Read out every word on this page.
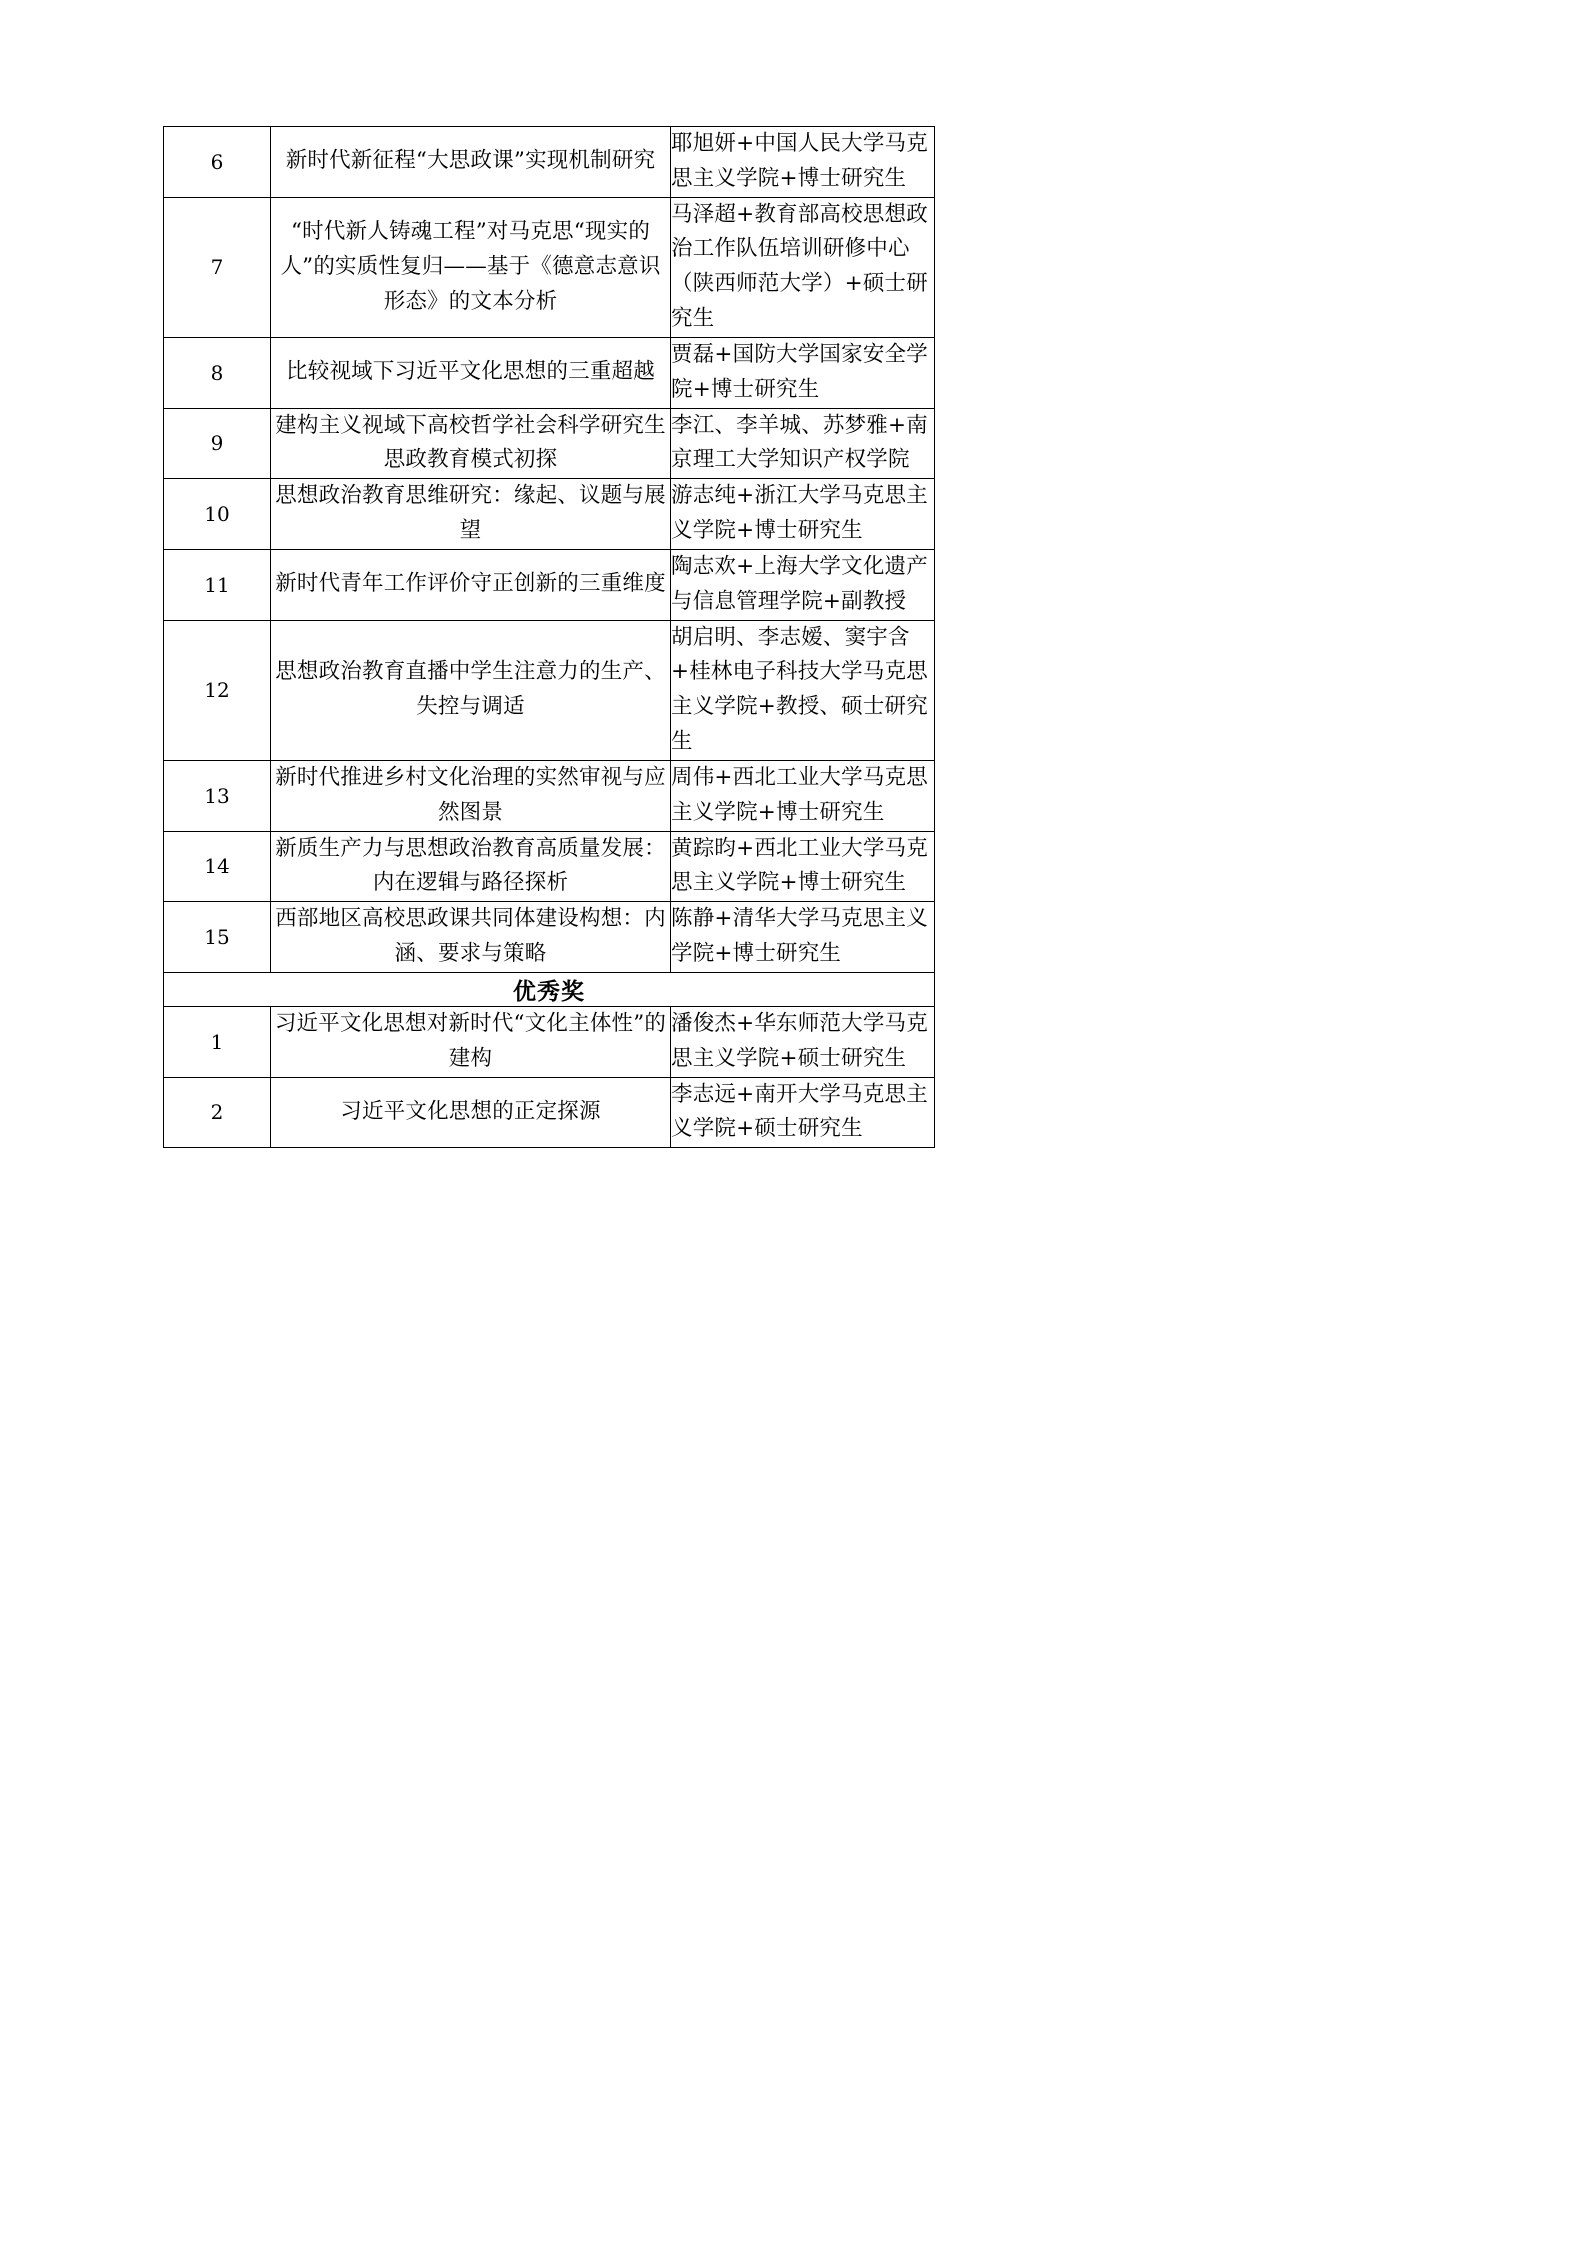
6	新时代新征程“大思政课”实现机制研究	耶旭妍+中国人民大学马克思主义学院+博士研究生
7	“时代新人铸魂工程”对马克思“现实的人”的实质性复归——基于《德意志意识形态》的文本分析	马泽超+教育部高校思想政治工作队伍培训研修中心（陕西师范大学）+硕士研究生
8	比较视域下习近平文化思想的三重超越	贾磊+国防大学国家安全学院+博士研究生
9	建构主义视域下高校哲学社会科学研究生思政教育模式初探	李江、李羊城、苏梦雅+南京理工大学知识产权学院
10	思想政治教育思维研究：缘起、议题与展望	游志纯+浙江大学马克思主义学院+博士研究生
11	新时代青年工作评价守正创新的三重维度	陶志欢+上海大学文化遗产与信息管理学院+副教授
12	思想政治教育直播中学生注意力的生产、失控与调适	胡启明、李志嫒、窦宇含+桂林电子科技大学马克思主义学院+教授、硕士研究生
13	新时代推进乡村文化治理的实然审视与应然图景	周伟+西北工业大学马克思主义学院+博士研究生
14	新质生产力与思想政治教育高质量发展：内在逻辑与路径探析	黄踪昀+西北工业大学马克思主义学院+博士研究生
15	西部地区高校思政课共同体建设构想：内涵、要求与策略	陈静+清华大学马克思主义学院+博士研究生
优秀奖		
1	习近平文化思想对新时代“文化主体性”的建构	潘俊杰+华东师范大学马克思主义学院+硕士研究生
2	习近平文化思想的正定探源	李志远+南开大学马克思主义学院+硕士研究生
